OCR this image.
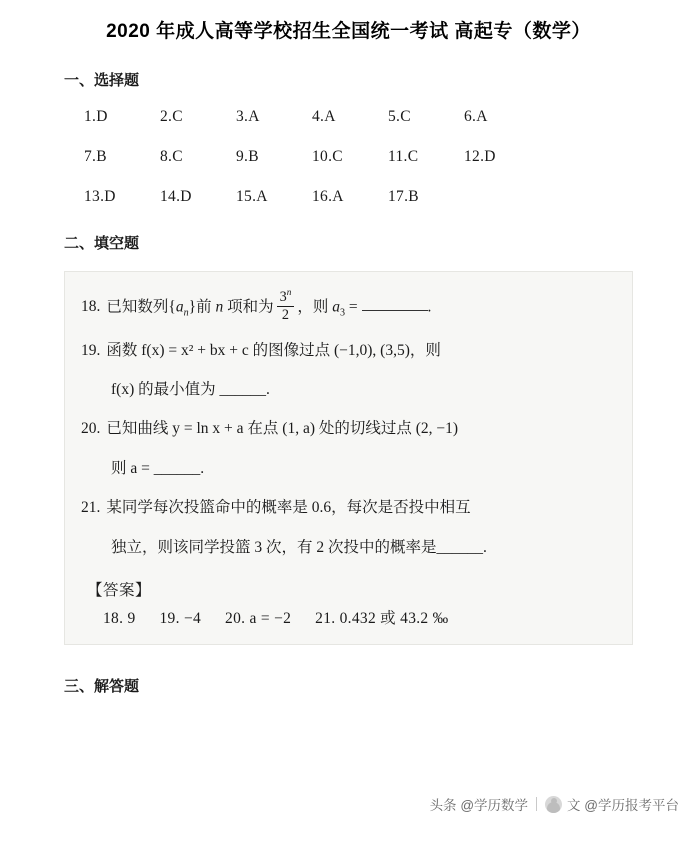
2020 年成人高等学校招生全国统一考试 高起专（数学）
一、选择题
1.D	2.C	3.A	4.A	5.C	6.A
7.B	8.C	9.B	10.C	11.C	12.D
13.D	14.D	15.A	16.A	17.B
二、填空题
18. 已知数列$\{a_n\}$前 n 项和为 $\frac{3^n}{2}$ ，则 $a_3$ =	.
19. 函数 f(x) = x² + bx + c 的图像过点 (−1,0), (3,5)，则
f(x) 的最小值为 ______.
20. 已知曲线 y = ln x + a 在点 (1, a) 处的切线过点 (2, −1)
则 a = ______.
21. 某同学每次投篮命中的概率是 0.6，每次是否投中相互
独立，则该同学投篮 3 次，有 2 次投中的概率是______.
【答案】
18. 9 19. −4 20. a = −2 21. 0.432 或 43.2 ‰
三、解答题
头条 @学历数学	文 @学历报考平台
